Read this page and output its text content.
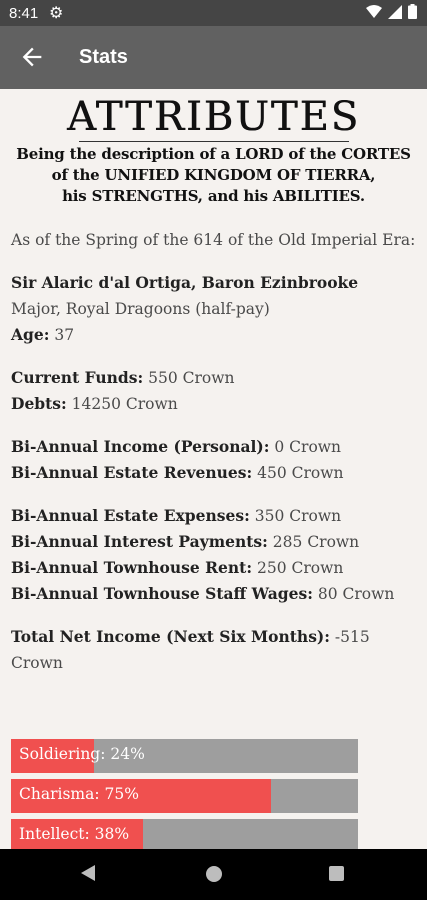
8:41 ⚙
Stats
ATTRIBUTES
Being the description of a LORD of the CORTES
of the UNIFIED KINGDOM OF TIERRA,
his STRENGTHS, and his ABILITIES.
As of the Spring of the 614 of the Old Imperial Era:
Sir Alaric d'al Ortiga, Baron Ezinbrooke
Major, Royal Dragoons (half-pay)
Age: 37
Current Funds: 550 Crown
Debts: 14250 Crown
Bi-Annual Income (Personal): 0 Crown
Bi-Annual Estate Revenues: 450 Crown
Bi-Annual Estate Expenses: 350 Crown
Bi-Annual Interest Payments: 285 Crown
Bi-Annual Townhouse Rent: 250 Crown
Bi-Annual Townhouse Staff Wages: 80 Crown
Total Net Income (Next Six Months): -515 Crown
Soldiering: 24%
Charisma: 75%
Intellect: 38%
